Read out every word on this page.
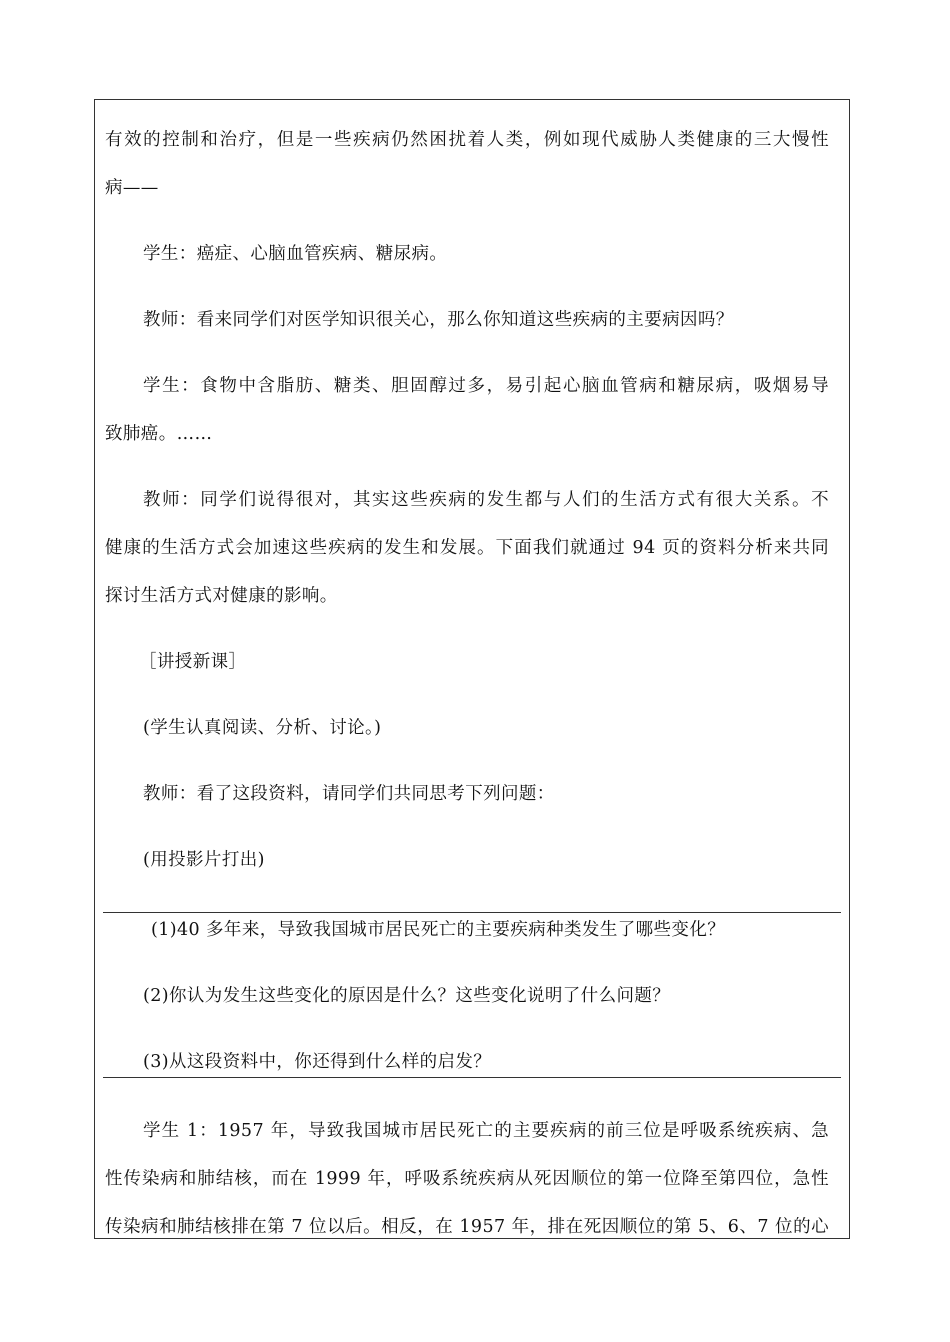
有效的控制和治疗，但是一些疾病仍然困扰着人类，例如现代威胁人类健康的三大慢性
病——
学生：癌症、心脑血管疾病、糖尿病。
教师：看来同学们对医学知识很关心，那么你知道这些疾病的主要病因吗？
学生：食物中含脂肪、糖类、胆固醇过多，易引起心脑血管病和糖尿病，吸烟易导
致肺癌。……
教师：同学们说得很对，其实这些疾病的发生都与人们的生活方式有很大关系。不
健康的生活方式会加速这些疾病的发生和发展。下面我们就通过 94 页的资料分析来共同
探讨生活方式对健康的影响。
［讲授新课］
(学生认真阅读、分析、讨论。)
教师：看了这段资料，请同学们共同思考下列问题：
(用投影片打出)
(1)40 多年来，导致我国城市居民死亡的主要疾病种类发生了哪些变化？
(2)你认为发生这些变化的原因是什么？这些变化说明了什么问题？
(3)从这段资料中，你还得到什么样的启发？
学生 1：1957 年，导致我国城市居民死亡的主要疾病的前三位是呼吸系统疾病、急
性传染病和肺结核，而在 1999 年，呼吸系统疾病从死因顺位的第一位降至第四位，急性
传染病和肺结核排在第 7 位以后。相反，在 1957 年，排在死因顺位的第 5、6、7 位的心
